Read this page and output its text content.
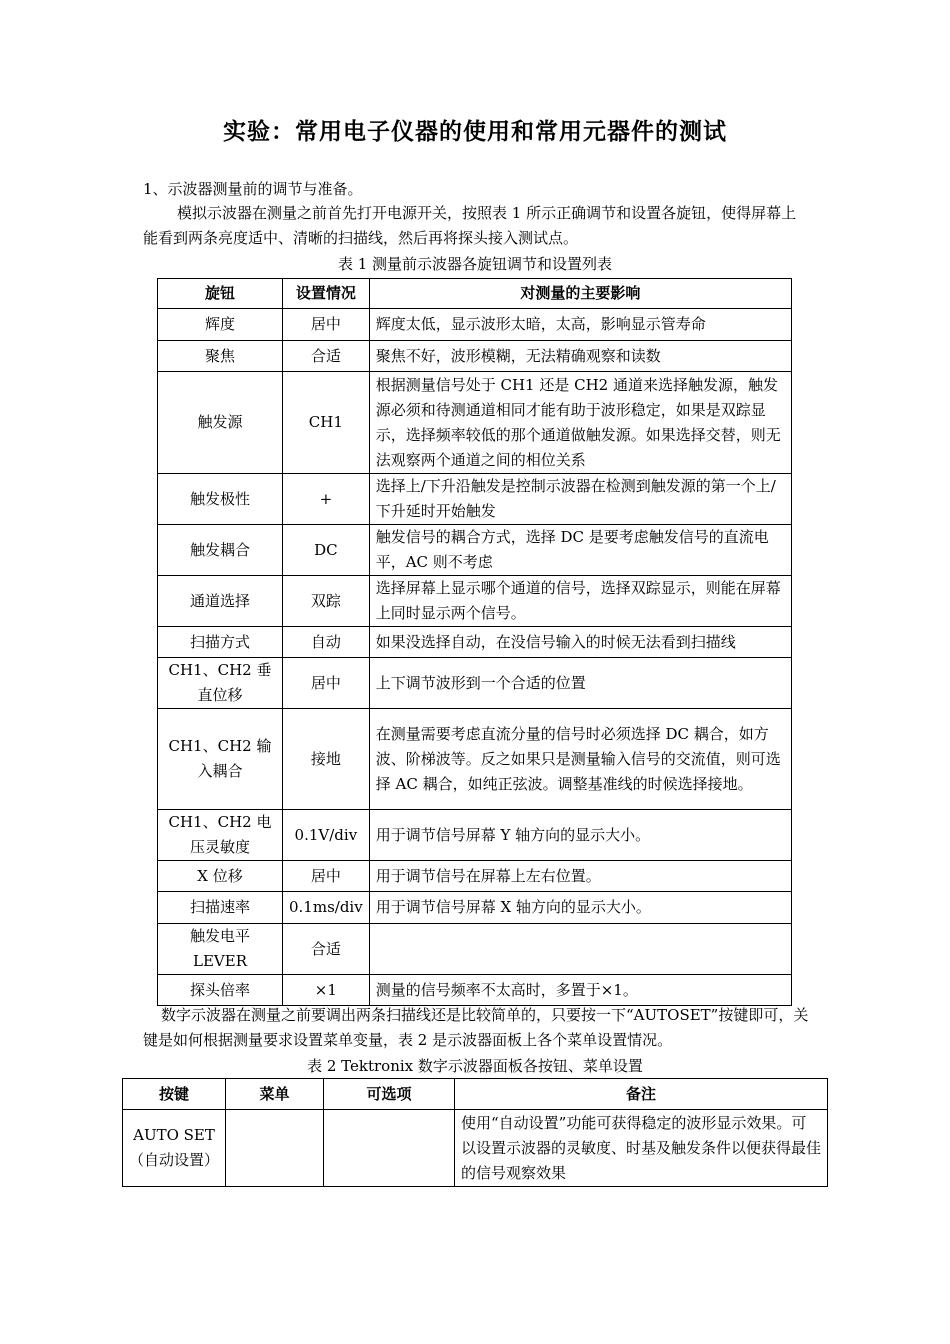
实验：常用电子仪器的使用和常用元器件的测试
1、示波器测量前的调节与准备。
模拟示波器在测量之前首先打开电源开关，按照表 1 所示正确调节和设置各旋钮，使得屏幕上能看到两条亮度适中、清晰的扫描线，然后再将探头接入测试点。
表 1 测量前示波器各旋钮调节和设置列表
旋钮	设置情况	对测量的主要影响
辉度	居中	辉度太低，显示波形太暗，太高，影响显示管寿命
聚焦	合适	聚焦不好，波形模糊，无法精确观察和读数
触发源	CH1	根据测量信号处于 CH1 还是 CH2 通道来选择触发源，触发源必须和待测通道相同才能有助于波形稳定，如果是双踪显示，选择频率较低的那个通道做触发源。如果选择交替，则无法观察两个通道之间的相位关系
触发极性	+	选择上/下升沿触发是控制示波器在检测到触发源的第一个上/下升延时开始触发
触发耦合	DC	触发信号的耦合方式，选择 DC 是要考虑触发信号的直流电平，AC 则不考虑
通道选择	双踪	选择屏幕上显示哪个通道的信号，选择双踪显示，则能在屏幕上同时显示两个信号。
扫描方式	自动	如果没选择自动，在没信号输入的时候无法看到扫描线
CH1、CH2 垂直位移	居中	上下调节波形到一个合适的位置
CH1、CH2 输入耦合	接地	在测量需要考虑直流分量的信号时必须选择 DC 耦合，如方波、阶梯波等。反之如果只是测量输入信号的交流值，则可选择 AC 耦合，如纯正弦波。调整基准线的时候选择接地。
CH1、CH2 电压灵敏度	0.1V/div	用于调节信号屏幕 Y 轴方向的显示大小。
X 位移	居中	用于调节信号在屏幕上左右位置。
扫描速率	0.1ms/div	用于调节信号屏幕 X 轴方向的显示大小。
触发电平 LEVER	合适	
探头倍率	×1	测量的信号频率不太高时，多置于×1。
数字示波器在测量之前要调出两条扫描线还是比较简单的，只要按一下“AUTOSET”按键即可，关键是如何根据测量要求设置菜单变量，表 2 是示波器面板上各个菜单设置情况。
表 2 Tektronix 数字示波器面板各按钮、菜单设置
按键	菜单	可选项	备注
AUTO SET （自动设置）			使用“自动设置”功能可获得稳定的波形显示效果。可以设置示波器的灵敏度、时基及触发条件以便获得最佳的信号观察效果
